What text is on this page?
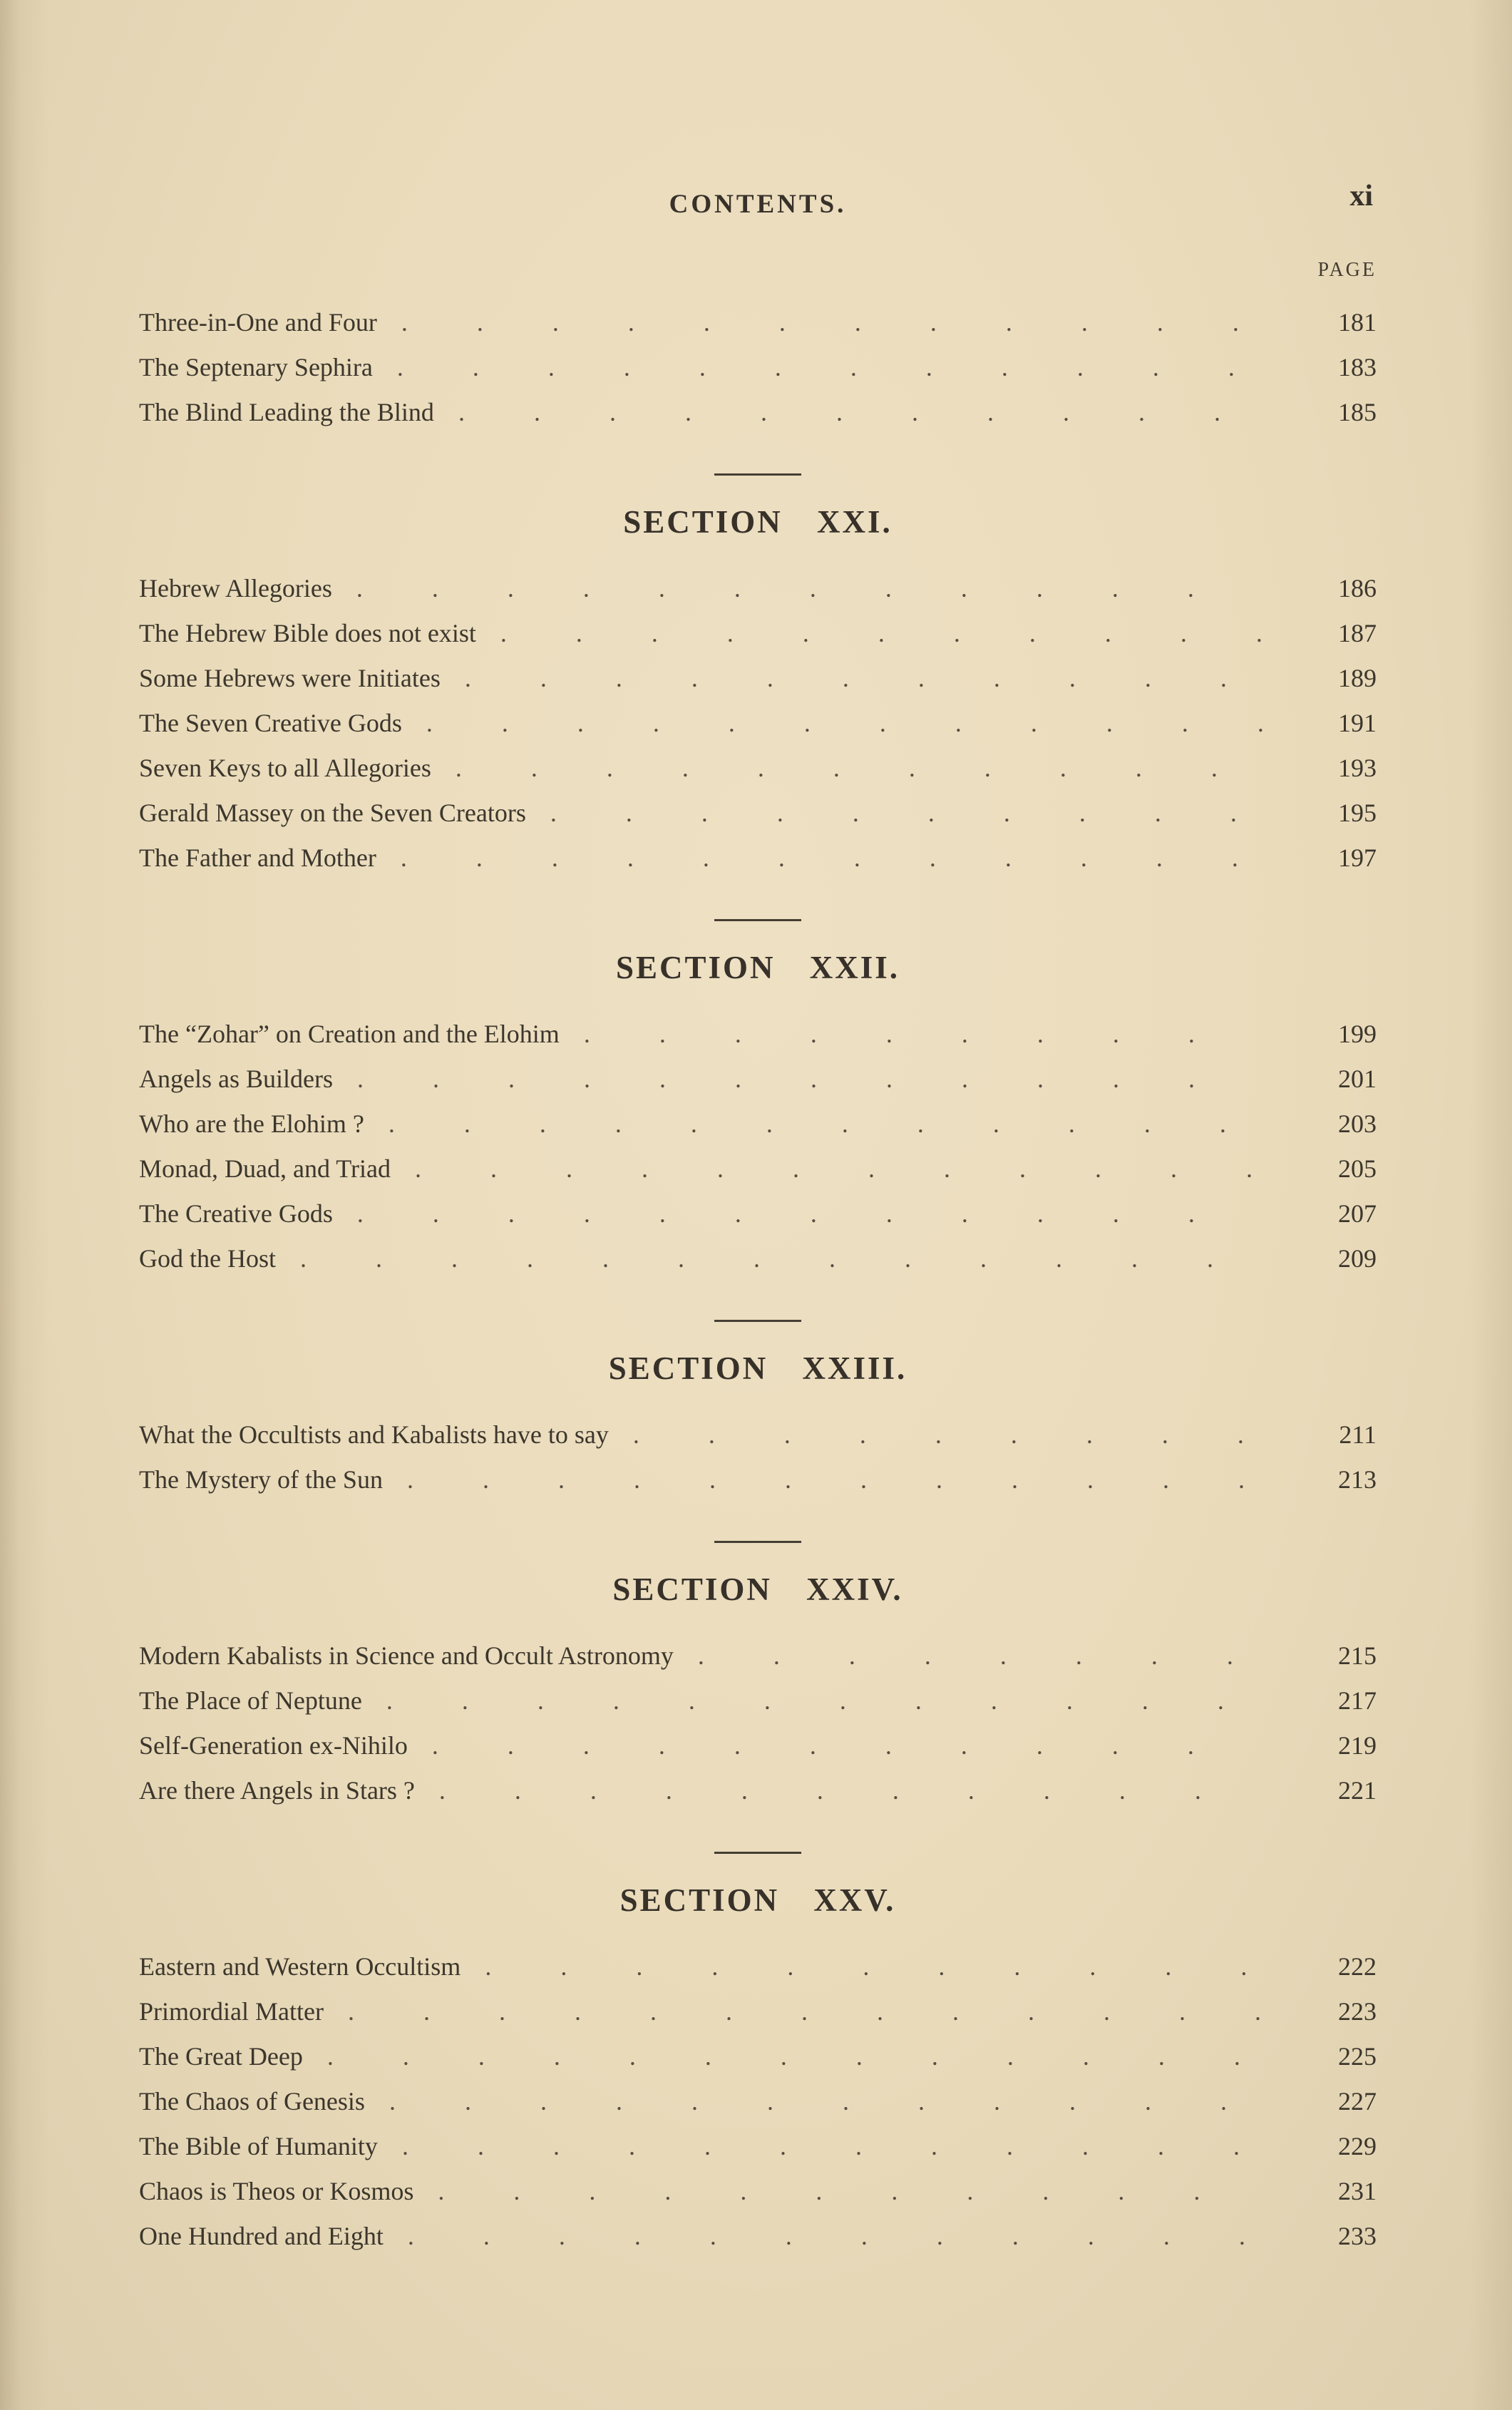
CONTENTS.	xi
PAGE
Three-in-One and Four . . .	181
The Septenary Sephira . . .	183
The Blind Leading the Blind . . .	185
SECTION XXI.
Hebrew Allegories . . .	186
The Hebrew Bible does not exist . . .	187
Some Hebrews were Initiates . . .	189
The Seven Creative Gods . . .	191
Seven Keys to all Allegories . . .	193
Gerald Massey on the Seven Creators . . .	195
The Father and Mother . . .	197
SECTION XXII.
The “Zohar” on Creation and the Elohim . . .	199
Angels as Builders . . .	201
Who are the Elohim ? . . .	203
Monad, Duad, and Triad . . .	205
The Creative Gods . . .	207
God the Host . . .	209
SECTION XXIII.
What the Occultists and Kabalists have to say . . .	211
The Mystery of the Sun . . .	213
SECTION XXIV.
Modern Kabalists in Science and Occult Astronomy . . .	215
The Place of Neptune . . .	217
Self-Generation ex-Nihilo . . .	219
Are there Angels in Stars ? . . .	221
SECTION XXV.
Eastern and Western Occultism . . .	222
Primordial Matter . . .	223
The Great Deep . . .	225
The Chaos of Genesis . . .	227
The Bible of Humanity . . .	229
Chaos is Theos or Kosmos . . .	231
One Hundred and Eight . . .	233
